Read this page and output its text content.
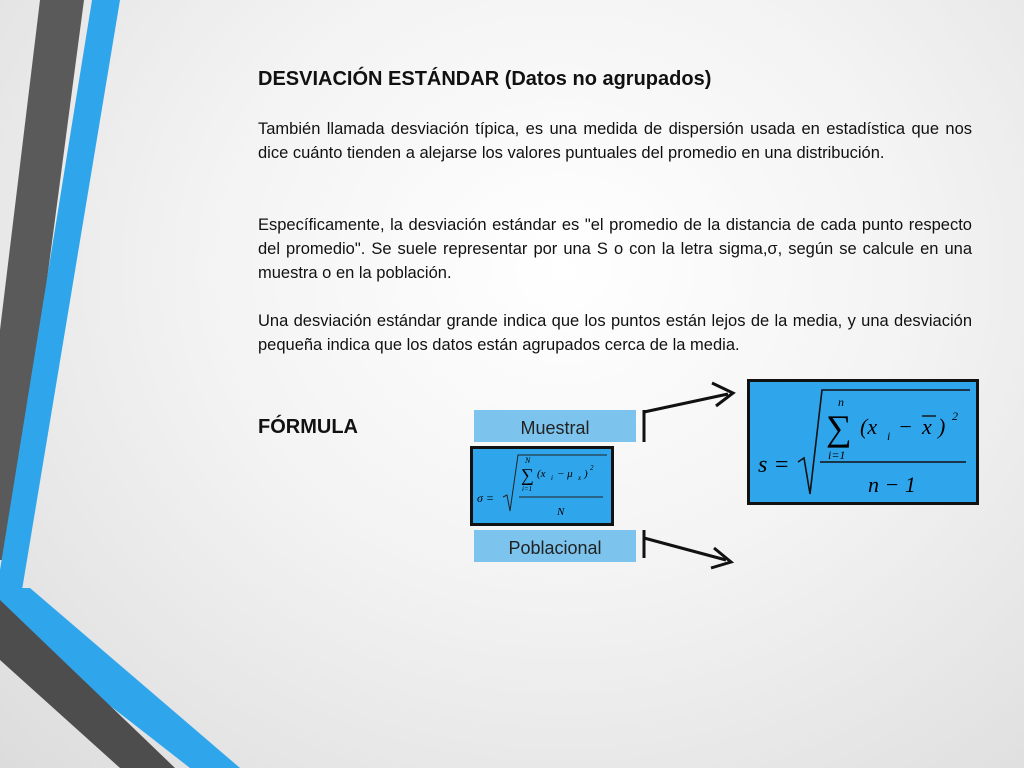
DESVIACIÓN ESTÁNDAR (Datos no agrupados)

También llamada desviación típica, es una medida de dispersión usada en estadística que nos dice cuánto tienden a alejarse los valores puntuales del promedio en una distribución.

Específicamente, la desviación estándar es "el promedio de la distancia de cada punto respecto del promedio". Se suele representar por una S o con la letra sigma,σ, según se calcule en una muestra o en la población.

Una desviación estándar grande indica que los puntos están lejos de la media, y una desviación pequeña indica que los datos están agrupados cerca de la media.

FÓRMULA	Muestral
Poblacional
σ =
N
∑
i=1
(x i − μ x ) 2
N
s =
n
∑
i=1
(x i − x ) 2
n − 1
